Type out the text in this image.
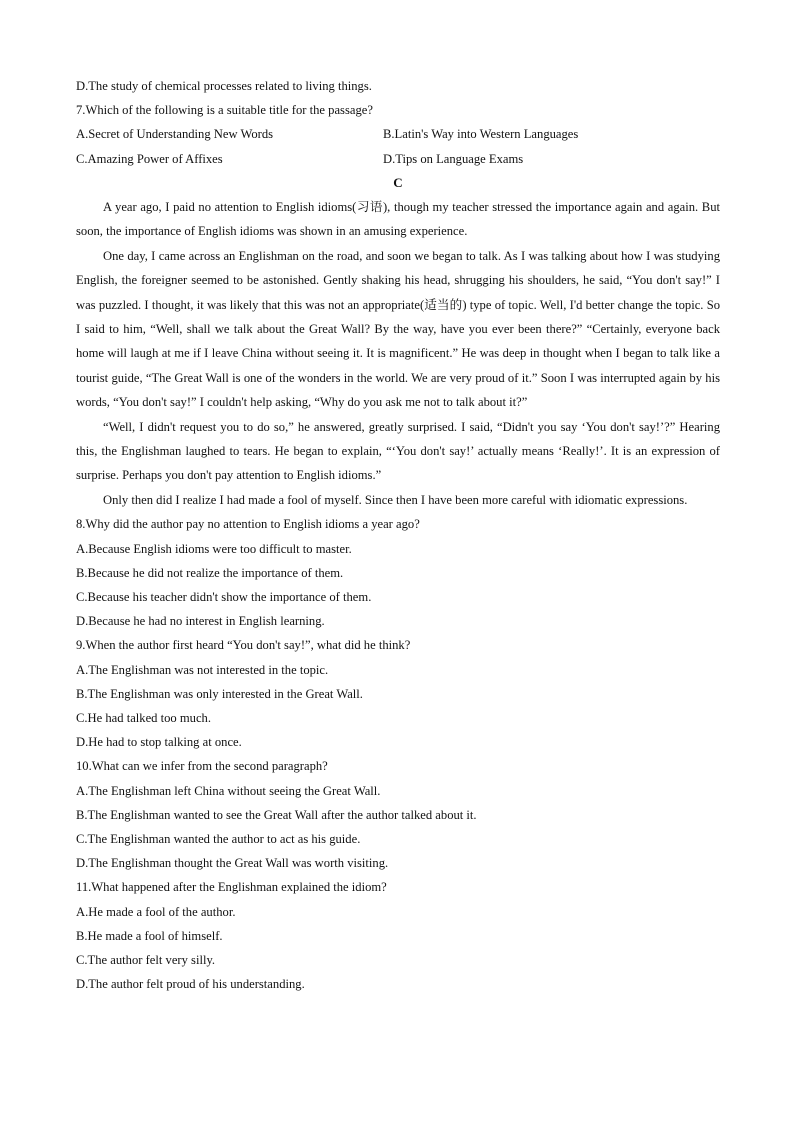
D.The study of chemical processes related to living things.
7.Which of the following is a suitable title for the passage?
A.Secret of Understanding New Words	B.Latin's Way into Western Languages
C.Amazing Power of Affixes	D.Tips on Language Exams
C

A year ago, I paid no attention to English idioms(习语), though my teacher stressed the importance again and again. But soon, the importance of English idioms was shown in an amusing experience.

One day, I came across an Englishman on the road, and soon we began to talk. As I was talking about how I was studying English, the foreigner seemed to be astonished. Gently shaking his head, shrugging his shoulders, he said, “You don't say!” I was puzzled. I thought, it was likely that this was not an appropriate(适当的) type of topic. Well, I'd better change the topic. So I said to him, “Well, shall we talk about the Great Wall? By the way, have you ever been there?” “Certainly, everyone back home will laugh at me if I leave China without seeing it. It is magnificent.” He was deep in thought when I began to talk like a tourist guide, “The Great Wall is one of the wonders in the world. We are very proud of it.” Soon I was interrupted again by his words, “You don't say!” I couldn't help asking, “Why do you ask me not to talk about it?”

“Well, I didn't request you to do so,” he answered, greatly surprised. I said, “Didn't you say ‘You don't say!’?” Hearing this, the Englishman laughed to tears. He began to explain, “‘You don't say!’ actually means ‘Really!’. It is an expression of surprise. Perhaps you don't pay attention to English idioms.”

Only then did I realize I had made a fool of myself. Since then I have been more careful with idiomatic expressions.

8.Why did the author pay no attention to English idioms a year ago?
A.Because English idioms were too difficult to master.
B.Because he did not realize the importance of them.
C.Because his teacher didn't show the importance of them.
D.Because he had no interest in English learning.
9.When the author first heard “You don't say!”, what did he think?
A.The Englishman was not interested in the topic.
B.The Englishman was only interested in the Great Wall.
C.He had talked too much.
D.He had to stop talking at once.
10.What can we infer from the second paragraph?
A.The Englishman left China without seeing the Great Wall.
B.The Englishman wanted to see the Great Wall after the author talked about it.
C.The Englishman wanted the author to act as his guide.
D.The Englishman thought the Great Wall was worth visiting.
11.What happened after the Englishman explained the idiom?
A.He made a fool of the author.
B.He made a fool of himself.
C.The author felt very silly.
D.The author felt proud of his understanding.
